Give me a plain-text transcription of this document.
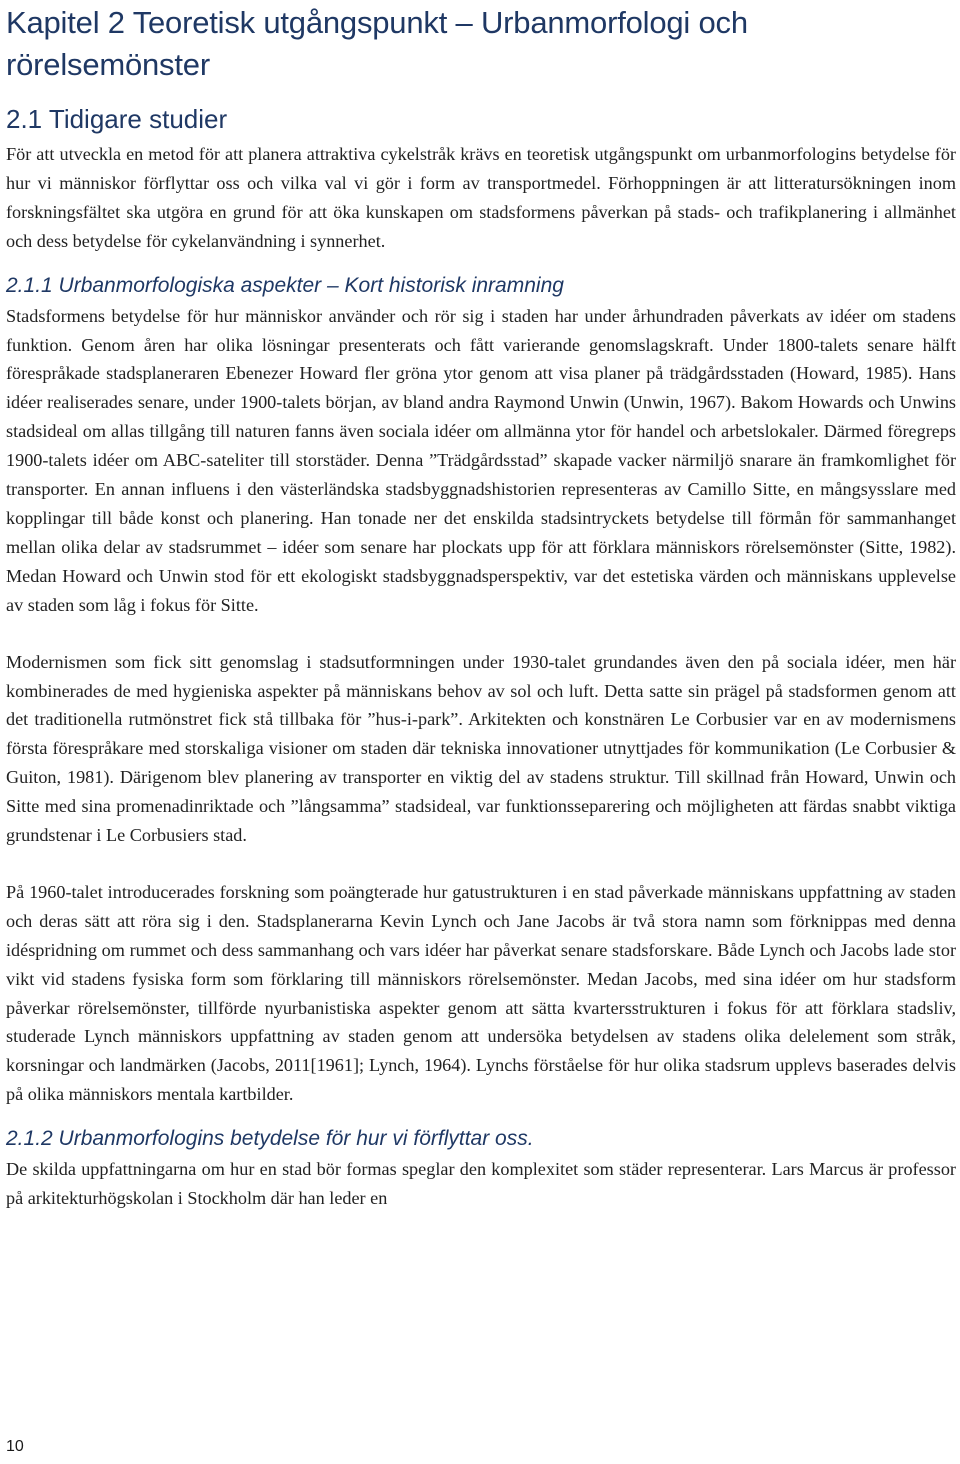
Kapitel 2 Teoretisk utgångspunkt – Urbanmorfologi och rörelsemönster
2.1 Tidigare studier

För att utveckla en metod för att planera attraktiva cykelstråk krävs en teoretisk utgångspunkt om urbanmorfologins betydelse för hur vi människor förflyttar oss och vilka val vi gör i form av transportmedel. Förhoppningen är att litteratursökningen inom forskningsfältet ska utgöra en grund för att öka kunskapen om stadsformens påverkan på stads- och trafikplanering i allmänhet och dess betydelse för cykelanvändning i synnerhet.

2.1.1 Urbanmorfologiska aspekter – Kort historisk inramning

Stadsformens betydelse för hur människor använder och rör sig i staden har under århundraden påverkats av idéer om stadens funktion. Genom åren har olika lösningar presenterats och fått varierande genomslagskraft. Under 1800-talets senare hälft förespråkade stadsplaneraren Ebenezer Howard fler gröna ytor genom att visa planer på trädgårdsstaden (Howard, 1985). Hans idéer realiserades senare, under 1900-talets början, av bland andra Raymond Unwin (Unwin, 1967). Bakom Howards och Unwins stadsideal om allas tillgång till naturen fanns även sociala idéer om allmänna ytor för handel och arbetslokaler. Därmed föregreps 1900-talets idéer om ABC-sateliter till storstäder. Denna ”Trädgårdsstad” skapade vacker närmiljö snarare än framkomlighet för transporter. En annan influens i den västerländska stadsbyggnadshistorien representeras av Camillo Sitte, en mångsysslare med kopplingar till både konst och planering. Han tonade ner det enskilda stadsintryckets betydelse till förmån för sammanhanget mellan olika delar av stadsrummet – idéer som senare har plockats upp för att förklara människors rörelsemönster (Sitte, 1982). Medan Howard och Unwin stod för ett ekologiskt stadsbyggnadsperspektiv, var det estetiska värden och människans upplevelse av staden som låg i fokus för Sitte.

Modernismen som fick sitt genomslag i stadsutformningen under 1930-talet grundandes även den på sociala idéer, men här kombinerades de med hygieniska aspekter på människans behov av sol och luft. Detta satte sin prägel på stadsformen genom att det traditionella rutmönstret fick stå tillbaka för ”hus-i-park”. Arkitekten och konstnären Le Corbusier var en av modernismens första förespråkare med storskaliga visioner om staden där tekniska innovationer utnyttjades för kommunikation (Le Corbusier & Guiton, 1981). Därigenom blev planering av transporter en viktig del av stadens struktur. Till skillnad från Howard, Unwin och Sitte med sina promenadinriktade och ”långsamma” stadsideal, var funktionsseparering och möjligheten att färdas snabbt viktiga grundstenar i Le Corbusiers stad.

På 1960-talet introducerades forskning som poängterade hur gatustrukturen i en stad påverkade människans uppfattning av staden och deras sätt att röra sig i den. Stadsplanerarna Kevin Lynch och Jane Jacobs är två stora namn som förknippas med denna idéspridning om rummet och dess sammanhang och vars idéer har påverkat senare stadsforskare. Både Lynch och Jacobs lade stor vikt vid stadens fysiska form som förklaring till människors rörelsemönster. Medan Jacobs, med sina idéer om hur stadsform påverkar rörelsemönster, tillförde nyurbanistiska aspekter genom att sätta kvartersstrukturen i fokus för att förklara stadsliv, studerade Lynch människors uppfattning av staden genom att undersöka betydelsen av stadens olika delelement som stråk, korsningar och landmärken (Jacobs, 2011[1961]; Lynch, 1964). Lynchs förståelse för hur olika stadsrum upplevs baserades delvis på olika människors mentala kartbilder.

2.1.2 Urbanmorfologins betydelse för hur vi förflyttar oss.

De skilda uppfattningarna om hur en stad bör formas speglar den komplexitet som städer representerar. Lars Marcus är professor på arkitekturhögskolan i Stockholm där han leder en

10
